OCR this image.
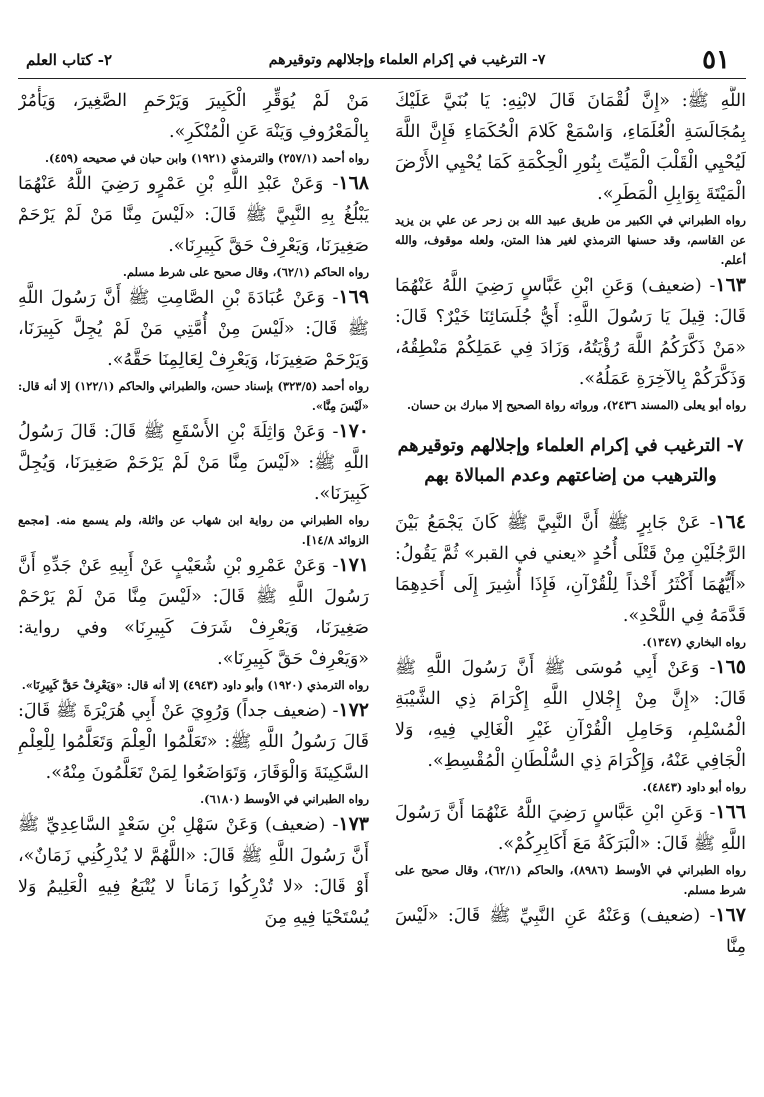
٥١
٧- الترغيب في إكرام العلماء وإجلالهم وتوقيرهم
٢- كتاب العلم

اللَّهِ ﷺ: «إِنَّ لُقْمَانَ قَالَ لابْنِهِ: يَا بُنَيَّ عَلَيْكَ بِمُجَالَسَةِ الْعُلَمَاءِ، وَاسْمَعْ كَلامَ الْحُكَمَاءِ فَإِنَّ اللَّهَ لَيُحْيِي الْقَلْبَ الْمَيِّتَ بِنُورِ الْحِكْمَةِ كَمَا يُحْيِي الأَرْضَ الْمَيْتَةَ بِوَابِلِ الْمَطَرِ».

رواه الطبراني في الكبير من طريق عبيد الله بن زحر عن علي بن يزيد عن القاسم، وقد حسنها الترمذي لغير هذا المتن، ولعله موقوف، والله أعلم.

١٦٣- (ضعيف) وَعَنِ ابْنِ عَبَّاسٍ رَضِيَ اللَّهُ عَنْهُمَا قَالَ: قِيلَ يَا رَسُولَ اللَّهِ: أَيُّ جُلَسَائِنَا خَيْرٌ؟ قَالَ: «مَنْ ذَكَّرَكُمُ اللَّهَ رُؤْيَتُهُ، وَزَادَ فِي عَمَلِكُمْ مَنْطِقُهُ، وَذَكَّرَكُمْ بِالآخِرَةِ عَمَلُهُ».

رواه أبو يعلى (المسند ٢٤٣٦)، ورواته رواة الصحيح إلا مبارك بن حسان.

٧- الترغيب في إكرام العلماء وإجلالهم وتوقيرهم
والترهيب من إضاعتهم وعدم المبالاة بهم

١٦٤- عَنْ جَابِرٍ ﷺ أَنَّ النَّبِيَّ ﷺ كَانَ يَجْمَعُ بَيْنَ الرَّجُلَيْنِ مِنْ قَتْلَى أُحُدٍ «يعني في القبر» ثُمَّ يَقُولُ: «أَيُّهُمَا أَكْثَرُ أَخْذاً لِلْقُرْآنِ، فَإِذَا أُشِيرَ إِلَى أَحَدِهِمَا قَدَّمَهُ فِي اللَّحْدِ».

رواه البخاري (١٣٤٧).

١٦٥- وَعَنْ أَبِي مُوسَى ﷺ أَنَّ رَسُولَ اللَّهِ ﷺ قَالَ: «إِنَّ مِنْ إِجْلالِ اللَّهِ إِكْرَامَ ذِي الشَّيْبَةِ الْمُسْلِمِ، وَحَامِلِ الْقُرْآنِ غَيْرِ الْغَالِي فِيهِ، وَلا الْجَافِي عَنْهُ، وَإِكْرَامَ ذِي السُّلْطَانِ الْمُقْسِطِ».

رواه أبو داود (٤٨٤٣).

١٦٦- وَعَنِ ابْنِ عَبَّاسٍ رَضِيَ اللَّهُ عَنْهُمَا أَنَّ رَسُولَ اللَّهِ ﷺ قَالَ: «الْبَرَكَةُ مَعَ أَكَابِرِكُمْ».

رواه الطبراني في الأوسط (٨٩٨٦)، والحاكم (٦٢/١)، وقال صحيح على شرط مسلم.

١٦٧- (ضعيف) وَعَنْهُ عَنِ النَّبِيِّ ﷺ قَالَ: «لَيْسَ مِنَّا

مَنْ لَمْ يُوَقِّرِ الْكَبِيرَ وَيَرْحَمِ الصَّغِيرَ، وَيَأْمُرْ بِالْمَعْرُوفِ وَيَنْهَ عَنِ الْمُنْكَرِ».

رواه أحمد (٢٥٧/١) والترمذي (١٩٢١) وابن حبان في صحيحه (٤٥٩).

١٦٨- وَعَنْ عَبْدِ اللَّهِ بْنِ عَمْرٍو رَضِيَ اللَّهُ عَنْهُمَا يَبْلُغُ بِهِ النَّبِيَّ ﷺ قَالَ: «لَيْسَ مِنَّا مَنْ لَمْ يَرْحَمْ صَغِيرَنَا، وَيَعْرِفْ حَقَّ كَبِيرِنَا».

رواه الحاكم (٦٢/١)، وقال صحيح على شرط مسلم.

١٦٩- وَعَنْ عُبَادَةَ بْنِ الصَّامِتِ ﷺ أَنَّ رَسُولَ اللَّهِ ﷺ قَالَ: «لَيْسَ مِنْ أُمَّتِي مَنْ لَمْ يُجِلَّ كَبِيرَنَا، وَيَرْحَمْ صَغِيرَنَا، وَيَعْرِفْ لِعَالِمِنَا حَقَّهُ».

رواه أحمد (٣٢٣/٥) بإسناد حسن، والطبراني والحاكم (١٢٢/١) إلا أنه قال: «لَيْسَ مِنَّا».

١٧٠- وَعَنْ وَاثِلَةَ بْنِ الأَسْقَعِ ﷺ قَالَ: قَالَ رَسُولُ اللَّهِ ﷺ: «لَيْسَ مِنَّا مَنْ لَمْ يَرْحَمْ صَغِيرَنَا، وَيُجِلَّ كَبِيرَنَا».

رواه الطبراني من رواية ابن شهاب عن واثلة، ولم يسمع منه. [مجمع الزوائد ١٤/٨].

١٧١- وَعَنْ عَمْرِو بْنِ شُعَيْبٍ عَنْ أَبِيهِ عَنْ جَدِّهِ أَنَّ رَسُولَ اللَّهِ ﷺ قَالَ: «لَيْسَ مِنَّا مَنْ لَمْ يَرْحَمْ صَغِيرَنَا، وَيَعْرِفْ شَرَفَ كَبِيرِنَا» وفي رواية: «وَيَعْرِفْ حَقَّ كَبِيرِنَا».

رواه الترمذي (١٩٢٠) وأبو داود (٤٩٤٣) إلا أنه قال: «وَيَعْرِفْ حَقَّ كَبِيرِنَا».

١٧٢- (ضعيف جداً) وَرُوِيَ عَنْ أَبِي هُرَيْرَةَ ﷺ قَالَ: قَالَ رَسُولُ اللَّهِ ﷺ: «تَعَلَّمُوا الْعِلْمَ وَتَعَلَّمُوا لِلْعِلْمِ السَّكِينَةَ وَالْوَقَارَ، وَتَوَاضَعُوا لِمَنْ تَعَلَّمُونَ مِنْهُ».

رواه الطبراني في الأوسط (٦١٨٠).

١٧٣- (ضعيف) وَعَنْ سَهْلِ بْنِ سَعْدٍ السَّاعِدِيِّ ﷺ أَنَّ رَسُولَ اللَّهِ ﷺ قَالَ: «اللَّهُمَّ لا يُدْرِكُنِي زَمَانٌ»، أَوْ قَالَ: «لا تُدْرِكُوا زَمَاناً لا يُتْبَعُ فِيهِ الْعَلِيمُ وَلا يُسْتَحْيَا فِيهِ مِنَ
